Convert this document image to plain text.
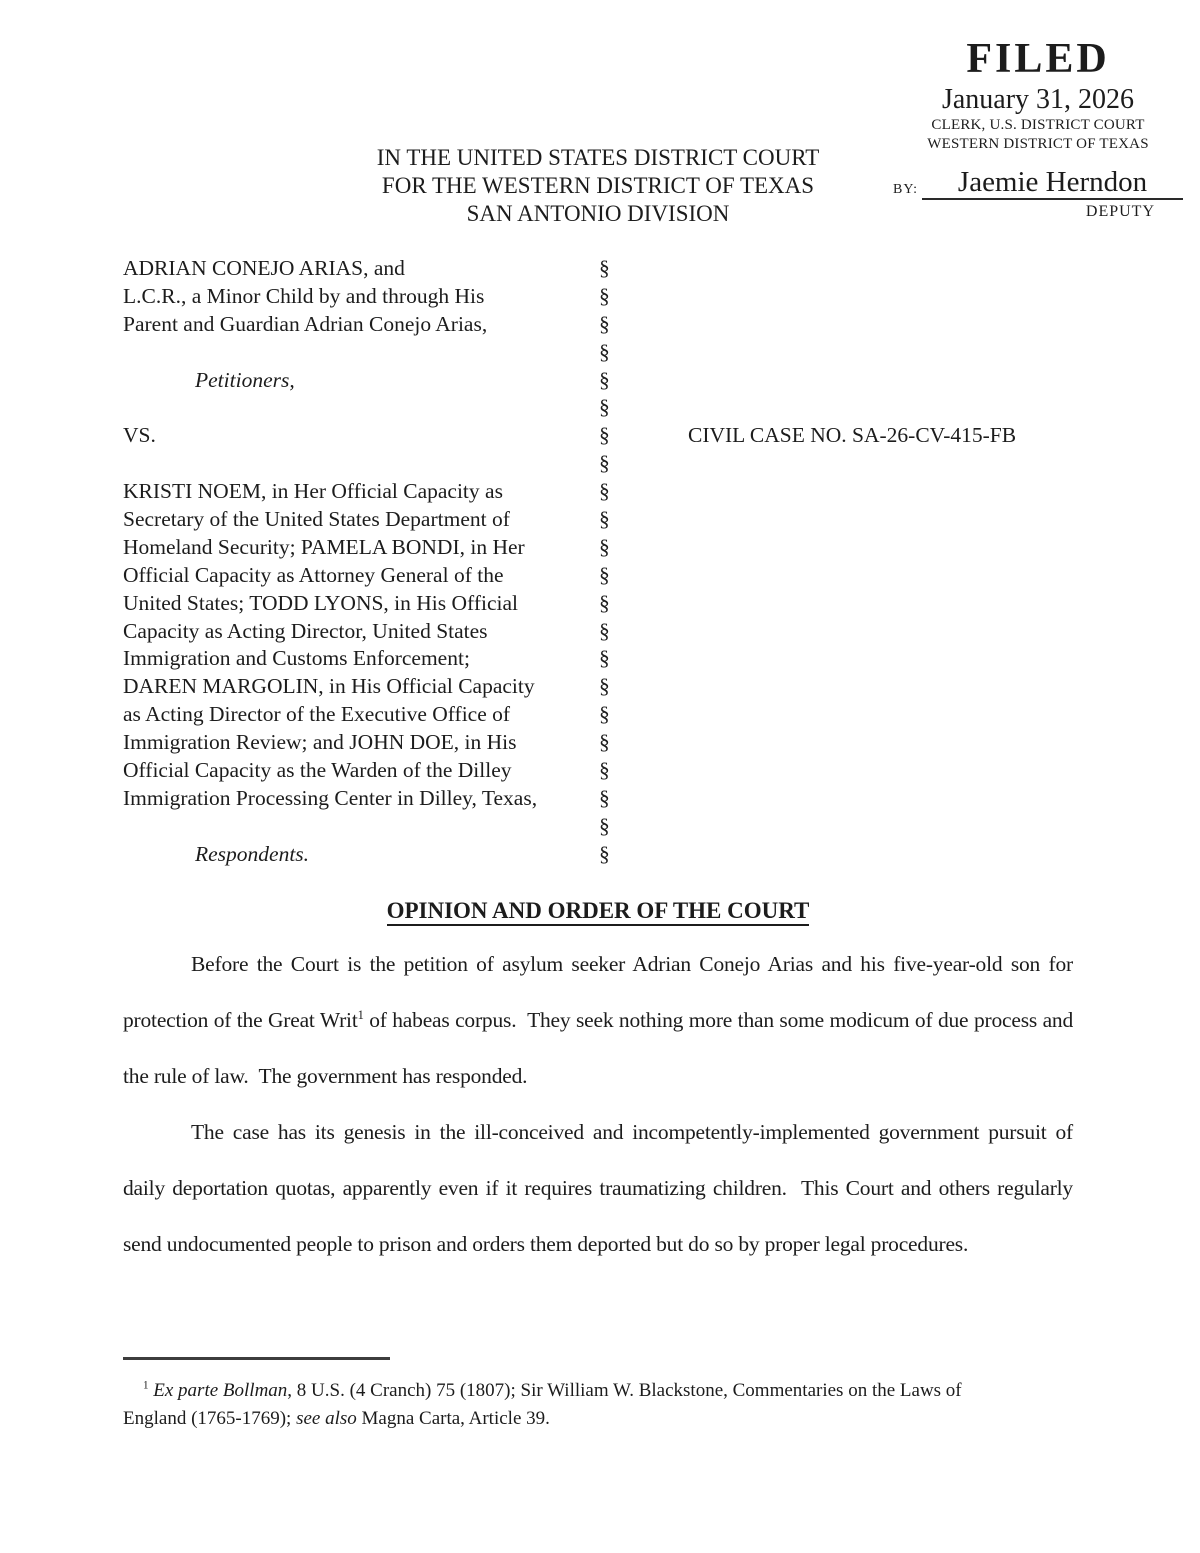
FILED
January 31, 2026
CLERK, U.S. DISTRICT COURT
WESTERN DISTRICT OF TEXAS
BY:	Jaemie Herndon
DEPUTY
IN THE UNITED STATES DISTRICT COURT
FOR THE WESTERN DISTRICT OF TEXAS
SAN ANTONIO DIVISION
ADRIAN CONEJO ARIAS, and	§
L.C.R., a Minor Child by and through His	§
Parent and Guardian Adrian Conejo Arias,	§
§
Petitioners,	§
§
VS.	§
§
KRISTI NOEM, in Her Official Capacity as	§
Secretary of the United States Department of	§
Homeland Security; PAMELA BONDI, in Her	§
Official Capacity as Attorney General of the	§
United States; TODD LYONS, in His Official	§
Capacity as Acting Director, United States	§
Immigration and Customs Enforcement;	§
DAREN MARGOLIN, in His Official Capacity	§
as Acting Director of the Executive Office of	§
Immigration Review; and JOHN DOE, in His	§
Official Capacity as the Warden of the Dilley	§
Immigration Processing Center in Dilley, Texas,	§
§
Respondents.	§
CIVIL CASE NO. SA-26-CV-415-FB
OPINION AND ORDER OF THE COURT

Before the Court is the petition of asylum seeker Adrian Conejo Arias and his five-year-old son for protection of the Great Writ$^1$ of habeas corpus.  They seek nothing more than some modicum of due process and the rule of law.  The government has responded.

The case has its genesis in the ill-conceived and incompetently-implemented government pursuit of daily deportation quotas, apparently even if it requires traumatizing children.  This Court and others regularly send undocumented people to prison and orders them deported but do so by proper legal procedures.

$^1$ Ex parte Bollman, 8 U.S. (4 Cranch) 75 (1807); Sir William W. Blackstone, Commentaries on the Laws of England (1765-1769); see also Magna Carta, Article 39.
